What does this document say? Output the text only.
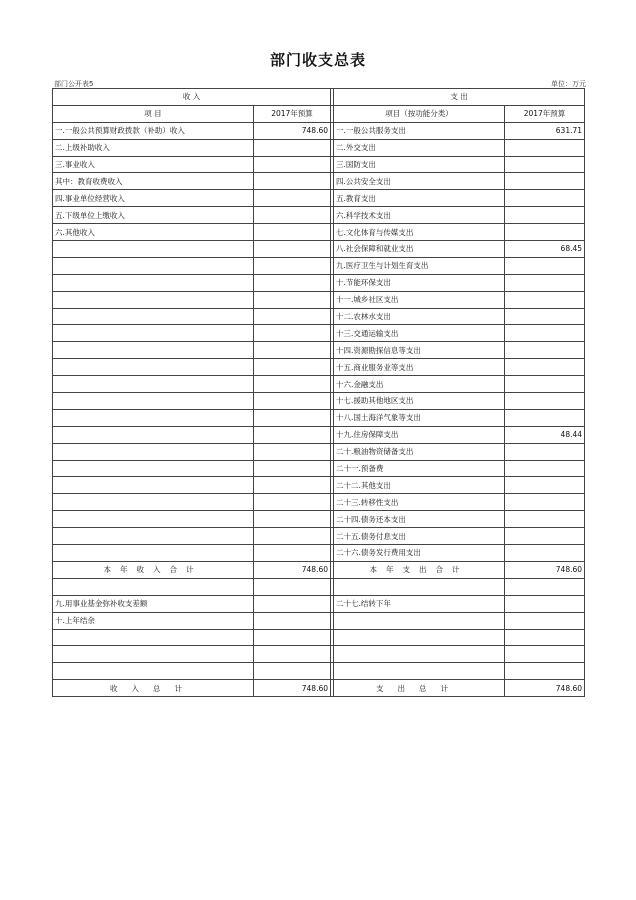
部门收支总表
部门公开表5	单位：万元
收 入			支 出	
项 目	2017年预算		项目（按功能分类）	2017年预算
一.一般公共预算财政拨款（补助）收入	748.60		一.一般公共服务支出	631.71
二.上级补助收入			二.外交支出	
三.事业收入			三.国防支出	
其中：教育收费收入			四.公共安全支出	
四.事业单位经营收入			五.教育支出	
五.下级单位上缴收入			六.科学技术支出	
六.其他收入			七.文化体育与传媒支出	
			八.社会保障和就业支出	68.45
			九.医疗卫生与计划生育支出	
			十.节能环保支出	
			十一.城乡社区支出	
			十二.农林水支出	
			十三.交通运输支出	
			十四.资源勘探信息等支出	
			十五.商业服务业等支出	
			十六.金融支出	
			十七.援助其他地区支出	
			十八.国土海洋气象等支出	
			十九.住房保障支出	48.44
			二十.粮油物资储备支出	
			二十一.预备费	
			二十二.其他支出	
			二十三.转移性支出	
			二十四.债务还本支出	
			二十五.债务付息支出	
			二十六.债务发行费用支出	
本年收入合计	748.60		本年支出合计	748.60

九.用事业基金弥补收支差额			二十七.结转下年	
十.上年结余				

收入总计	748.60		支出总计	748.60
